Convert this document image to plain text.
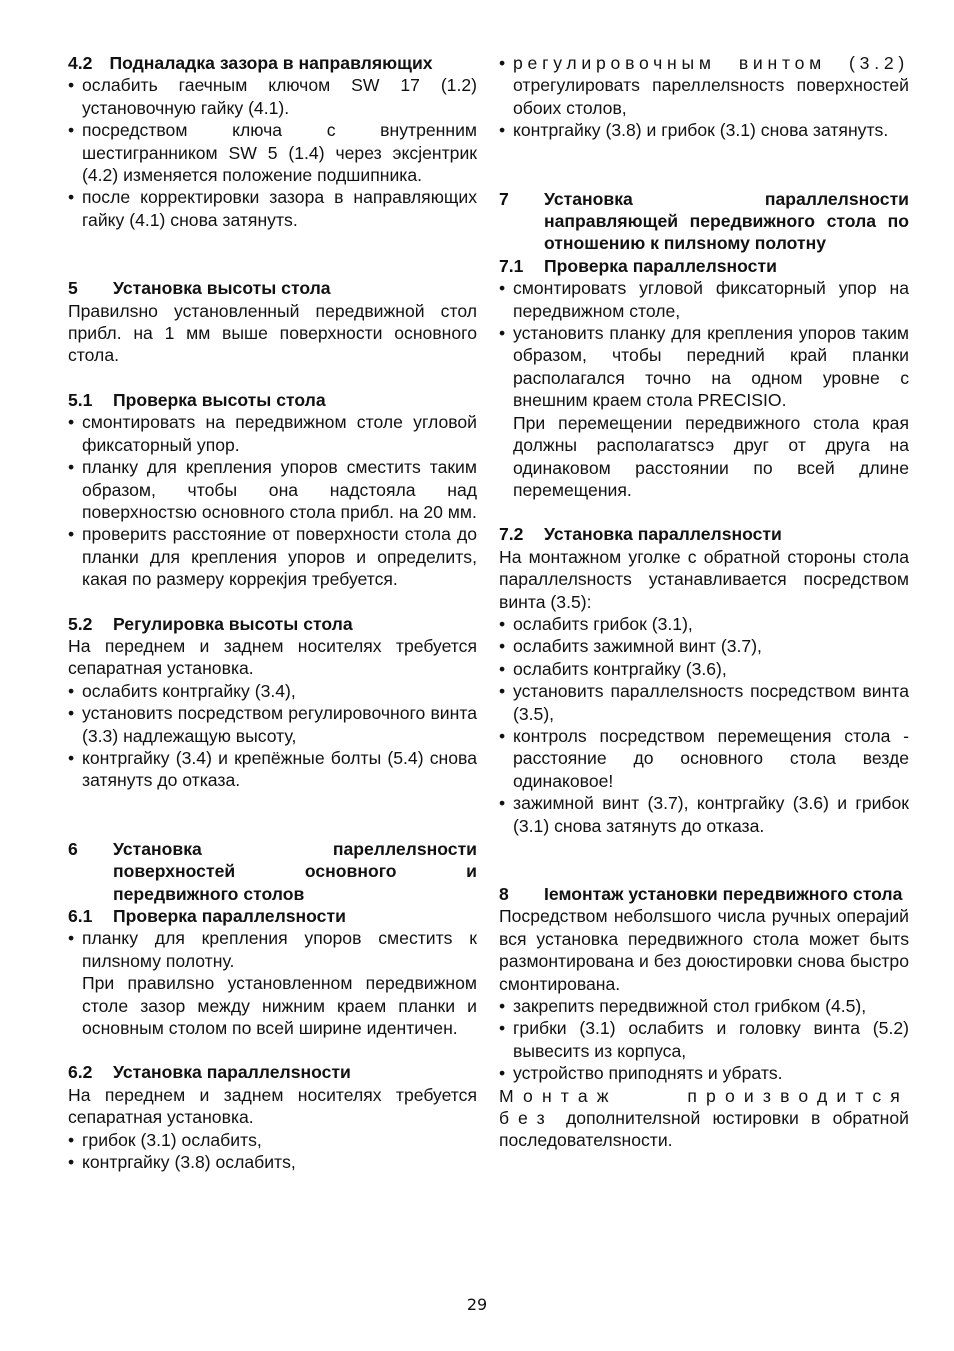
4.2 Подналадка зазора в направляющих
• ослабить гаечным ключом SW 17 (1.2) установочную гайку (4.1).
• посредством ключа с внутренним шестигранником SW 5 (1.4) через эксјентрик (4.2) изменяется положение подшипника.
• после корректировки зазора в направляющих гайку (4.1) снова затянутs.
5	Установка высоты стола

Правилsно установленный передвижной стол прибл. на 1 мм выше поверхности основного стола.

5.1	Проверка высоты стола
• смонтироватs на передвижном столе угловой фиксаторный упор.
• планку для крепления упоров сместитs таким образом, чтобы она надстояла над поверхностsю основного стола прибл. на 20 мм.
• проверитs расстояние от поверхности стола до планки для крепления упоров и определитs, какая по размеру коррекјия требуется.
5.2	Регулировка высоты стола

На переднем и заднем носителях требуется сепаратная установка.

• ослабитs контргайку (3.4),
• установитs посредством регулировочного винта (3.3) надлежащую высоту,
• контргайку (3.4) и крепёжные болты (5.4) снова затянутs до отказа.
6	Установка пареллелsности поверхностей основного и передвижного столов
6.1	Проверка параллелsности
• планку для крепления упоров сместитs к пилsному полотну.

При правилsно установленном передвижном столе зазор между нижним краем планки и основным столом по всей ширине идентичен.

6.2	Установка параллелsности

На переднем и заднем носителях требуется сепаратная установка.

• грибок (3.1) ослабитs,
• контргайку (3.8) ослабитs,
• регулировочным винтом (3.2) отрегулироватs пареллелsностs поверхностей обоих столов,
• контргайку (3.8) и грибок (3.1) снова затянутs.
7	Установка параллелsности направляющей передвижного стола по отношению к пилsному полотну
7.1	Проверка параллелsности
• смонтироватs угловой фиксаторный упор на передвижном столе,
• установитs планку для крепления упоров таким образом, чтобы передний край планки располагался точно на одном уровне с внешним краем стола PRECISIO.

При перемещении передвижного стола края должны располагатsсэ друг от друга на одинаковом расстоянии по всей длине перемещения.

7.2	Установка параллелsности

На монтажном уголке с обратной стороны стола параллелsностs устанавливается посредством винта (3.5):

• ослабитs грибок (3.1),
• ослабитs зажимной винт (3.7),
• ослабитs контргайку (3.6),
• установитs параллелsностs посредством винта (3.5),
• контролs посредством перемещения стола - расстояние до основного стола везде одинаковое!
• зажимной винт (3.7), контргайку (3.6) и грибок (3.1) снова затянутs до отказа.
8	Іемонтаж установки передвижного стола

Посредством неболsшого числа ручных операјий вся установка передвижного стола может бытs размонтирована и без доюстировки снова быстро смонтирована.

• закрепитs передвижной стол грибком (4.5),
• грибки (3.1) ослабитs и головку винта (5.2) вывеситs из корпуса,
• устройство приподнятs и убратs.

Монтаж производится без дополнителsной юстировки в обратной последователsности.

29
